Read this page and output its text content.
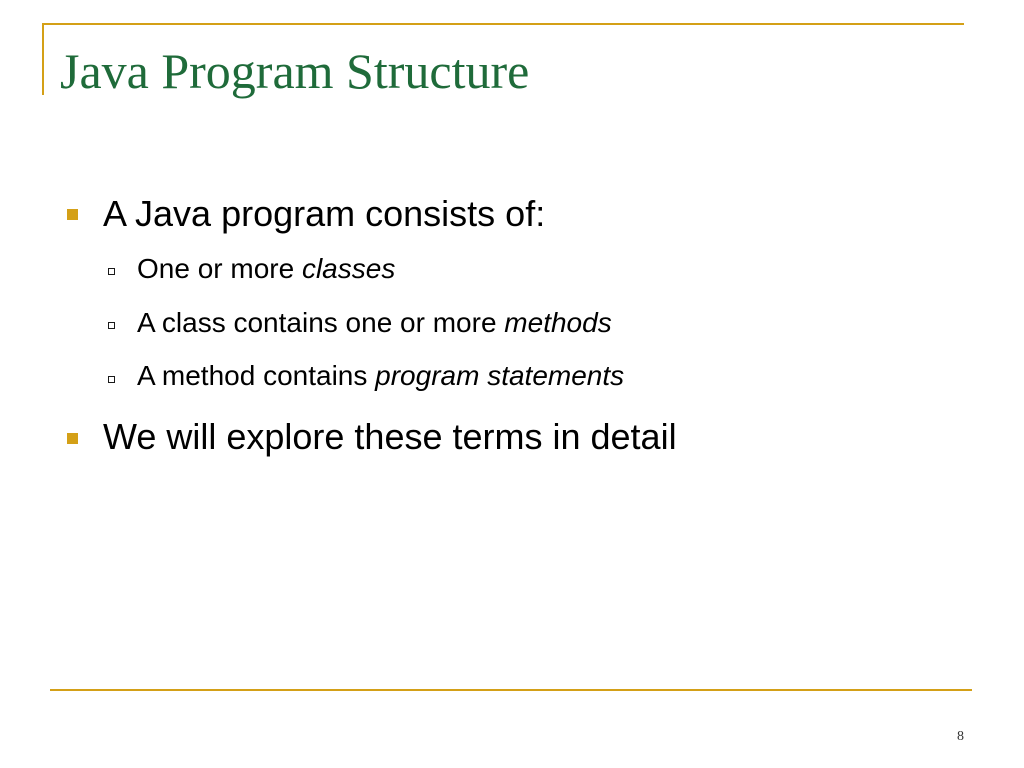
Java Program Structure
A Java program consists of:
One or more classes
A class contains one or more methods
A method contains program statements
We will explore these terms in detail
8
